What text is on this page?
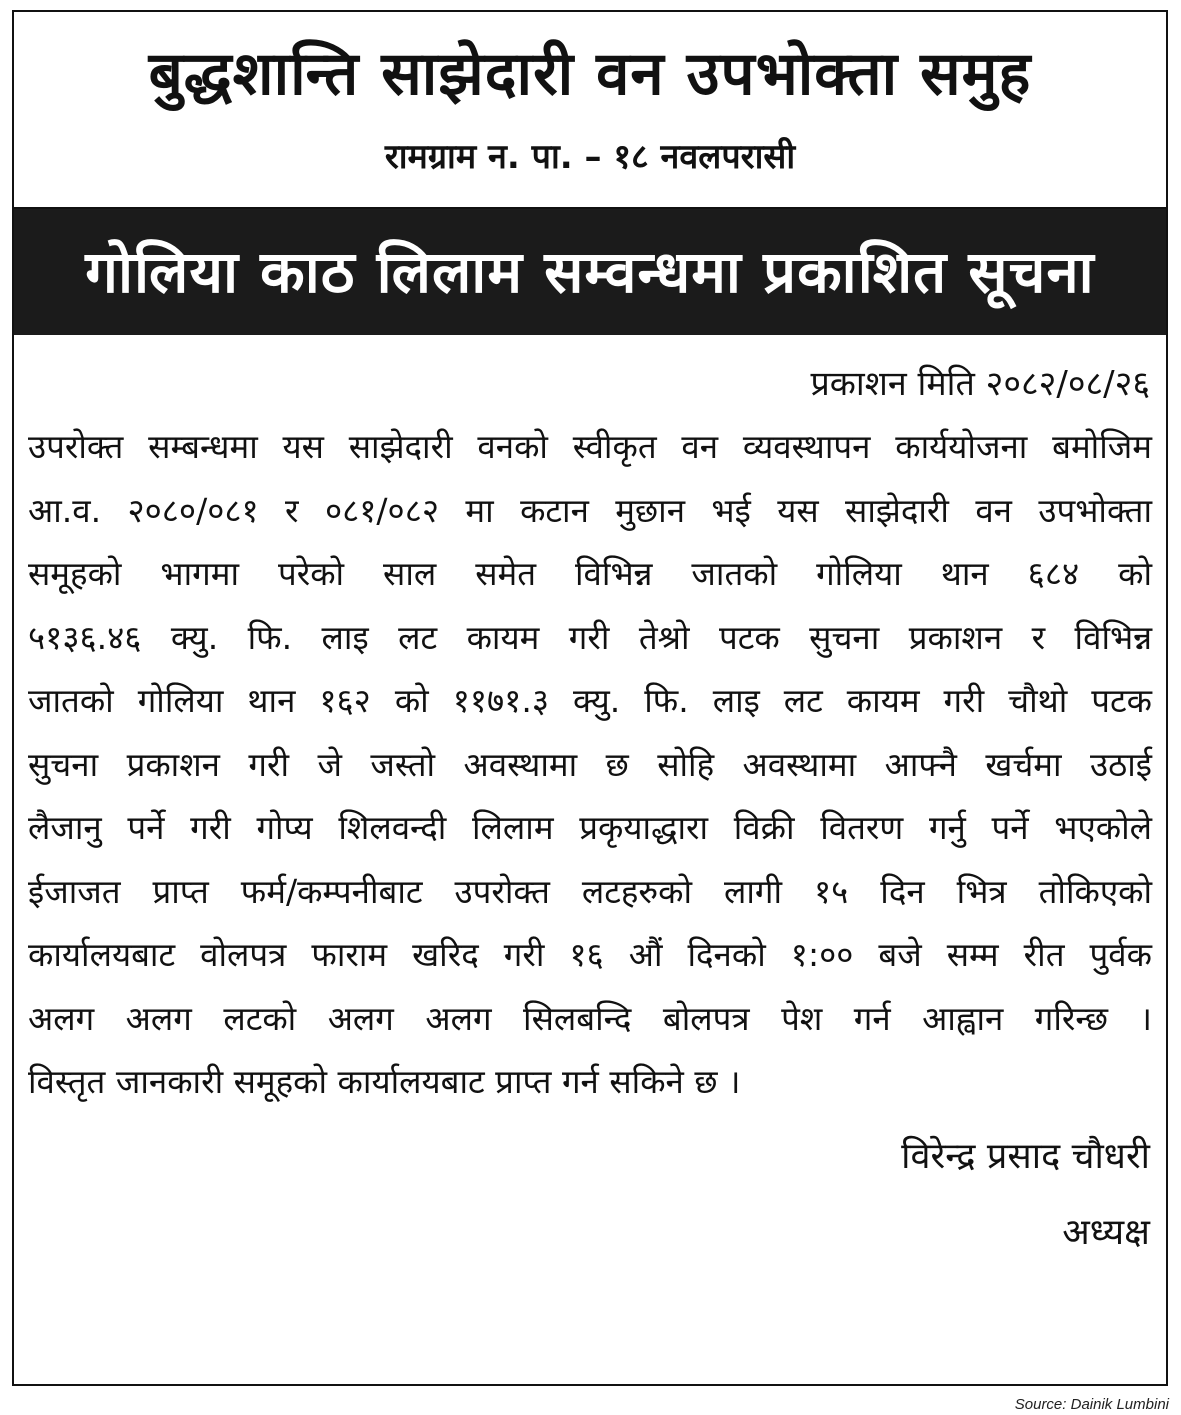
बुद्धशान्ति साझेदारी वन उपभोक्ता समुह
रामग्राम न. पा. – १८ नवलपरासी
गोलिया काठ लिलाम सम्वन्धमा प्रकाशित सूचना
प्रकाशन मिति २०८२/०८/२६
उपरोक्त सम्बन्धमा यस साझेदारी वनको स्वीकृत वन व्यवस्थापन कार्ययोजना बमोजिम
आ.व. २०८०/०८१ र ०८१/०८२ मा कटान मुछान भई यस साझेदारी वन उपभोक्ता
समूहको भागमा परेको साल समेत विभिन्न जातको गोलिया थान ६८४ को
५१३६.४६ क्यु. फि. लाइ लट कायम गरी तेश्रो पटक सुचना प्रकाशन र विभिन्न
जातको गोलिया थान १६२ को ११७१.३ क्यु. फि. लाइ लट कायम गरी चौथो पटक
सुचना प्रकाशन गरी जे जस्तो अवस्थामा छ सोहि अवस्थामा आफ्नै खर्चमा उठाई
लैजानु पर्ने गरी गोप्य शिलवन्दी लिलाम प्रकृयाद्धारा विक्री वितरण गर्नु पर्ने भएकोले
ईजाजत प्राप्त फर्म/कम्पनीबाट उपरोक्त लटहरुको लागी १५ दिन भित्र तोकिएको
कार्यालयबाट वोलपत्र फाराम खरिद गरी १६ औं दिनको १:०० बजे सम्म रीत पुर्वक
अलग अलग लटको अलग अलग सिलबन्दि बोलपत्र पेश गर्न आह्वान गरिन्छ ।
विस्तृत जानकारी समूहको कार्यालयबाट प्राप्त गर्न सकिने छ ।
विरेन्द्र प्रसाद चौधरी
अध्यक्ष
Source: Dainik Lumbini
